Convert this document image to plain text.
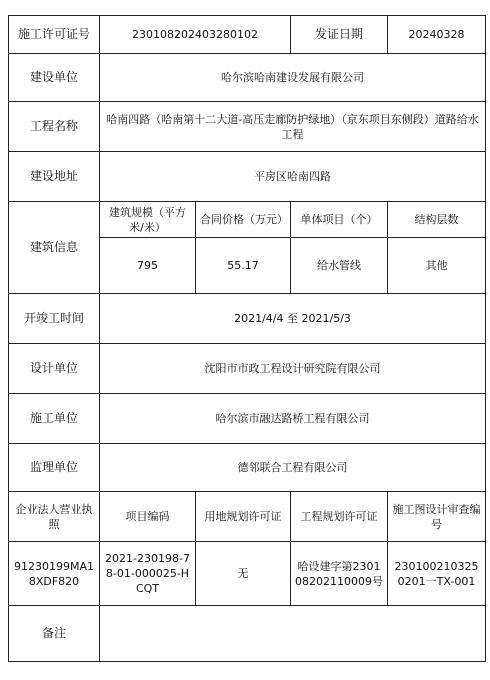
施工许可证号	230108202403280102		发证日期	20240328
建设单位	哈尔滨哈南建设发展有限公司			
工程名称	哈南四路（哈南第十二大道-高压走廊防护绿地）（京东项目东侧段）道路给水工程			
建设地址	平房区哈南四路			
建筑信息	建筑规模（平方米/米）	合同价格（万元）	单体项目（个）	结构层数
	795	55.17	给水管线	其他
开竣工时间	2021/4/4 至 2021/5/3			
设计单位	沈阳市市政工程设计研究院有限公司			
施工单位	哈尔滨市融达路桥工程有限公司			
监理单位	德邻联合工程有限公司			
企业法人营业执照	项目编码	用地规划许可证	工程规划许可证	施工图设计审查编号
91230199MA18XDF820	2021-230198-78-01-000025-HCQT	无	哈设建字第230108202110009号	2301002103250201一TX-001
备注				
